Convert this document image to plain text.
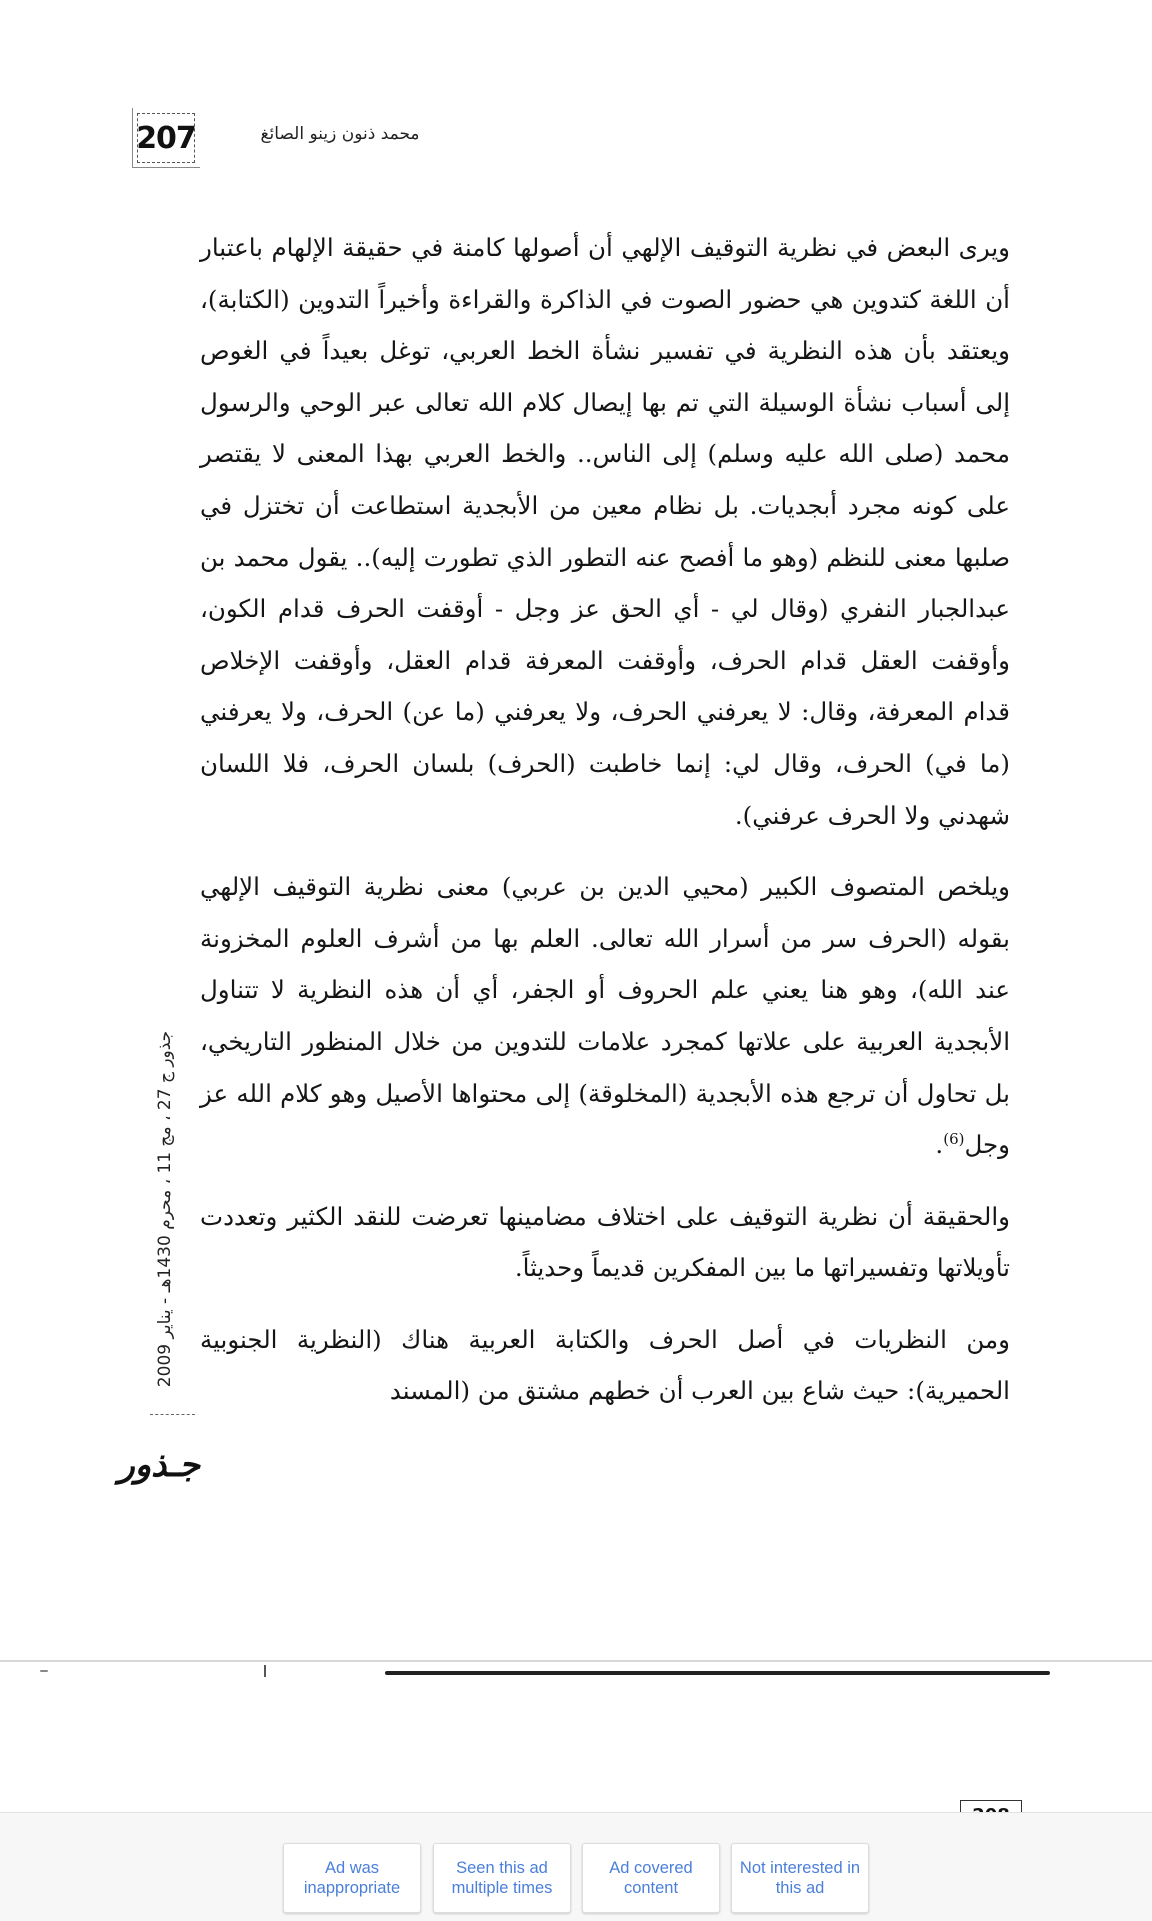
207	محمد ذنون زينو الصائغ

ويرى البعض في نظرية التوقيف الإلهي أن أصولها كامنة في حقيقة الإلهام باعتبار أن اللغة كتدوين هي حضور الصوت في الذاكرة والقراءة وأخيراً التدوين (الكتابة)، ويعتقد بأن هذه النظرية في تفسير نشأة الخط العربي، توغل بعيداً في الغوص إلى أسباب نشأة الوسيلة التي تم بها إيصال كلام الله تعالى عبر الوحي والرسول محمد (صلى الله عليه وسلم) إلى الناس.. والخط العربي بهذا المعنى لا يقتصر على كونه مجرد أبجديات. بل نظام معين من الأبجدية استطاعت أن تختزل في صلبها معنى للنظم (وهو ما أفصح عنه التطور الذي تطورت إليه).. يقول محمد بن عبدالجبار النفري (وقال لي - أي الحق عز وجل - أوقفت الحرف قدام الكون، وأوقفت العقل قدام الحرف، وأوقفت المعرفة قدام العقل، وأوقفت الإخلاص قدام المعرفة، وقال: لا يعرفني الحرف، ولا يعرفني (ما عن) الحرف، ولا يعرفني (ما في) الحرف، وقال لي: إنما خاطبت (الحرف) بلسان الحرف، فلا اللسان شهدني ولا الحرف عرفني).

ويلخص المتصوف الكبير (محيي الدين بن عربي) معنى نظرية التوقيف الإلهي بقوله (الحرف سر من أسرار الله تعالى. العلم بها من أشرف العلوم المخزونة عند الله)، وهو هنا يعني علم الحروف أو الجفر، أي أن هذه النظرية لا تتناول الأبجدية العربية على علاتها كمجرد علامات للتدوين من خلال المنظور التاريخي، بل تحاول أن ترجع هذه الأبجدية (المخلوقة) إلى محتواها الأصيل وهو كلام الله عز وجل$^{(6)}$.

والحقيقة أن نظرية التوقيف على اختلاف مضامينها تعرضت للنقد الكثير وتعددت تأويلاتها وتفسيراتها ما بين المفكرين قديماً وحديثاً.

ومن النظريات في أصل الحرف والكتابة العربية هناك (النظرية الجنوبية الحميرية): حيث شاع بين العرب أن خطهم مشتق من (المسند

جذور ج 27 ، مج 11 ، محرم 1430هـ - يناير 2009
جـذور
Ad was inappropriate
Seen this ad multiple times
Ad covered content
Not interested in this ad
